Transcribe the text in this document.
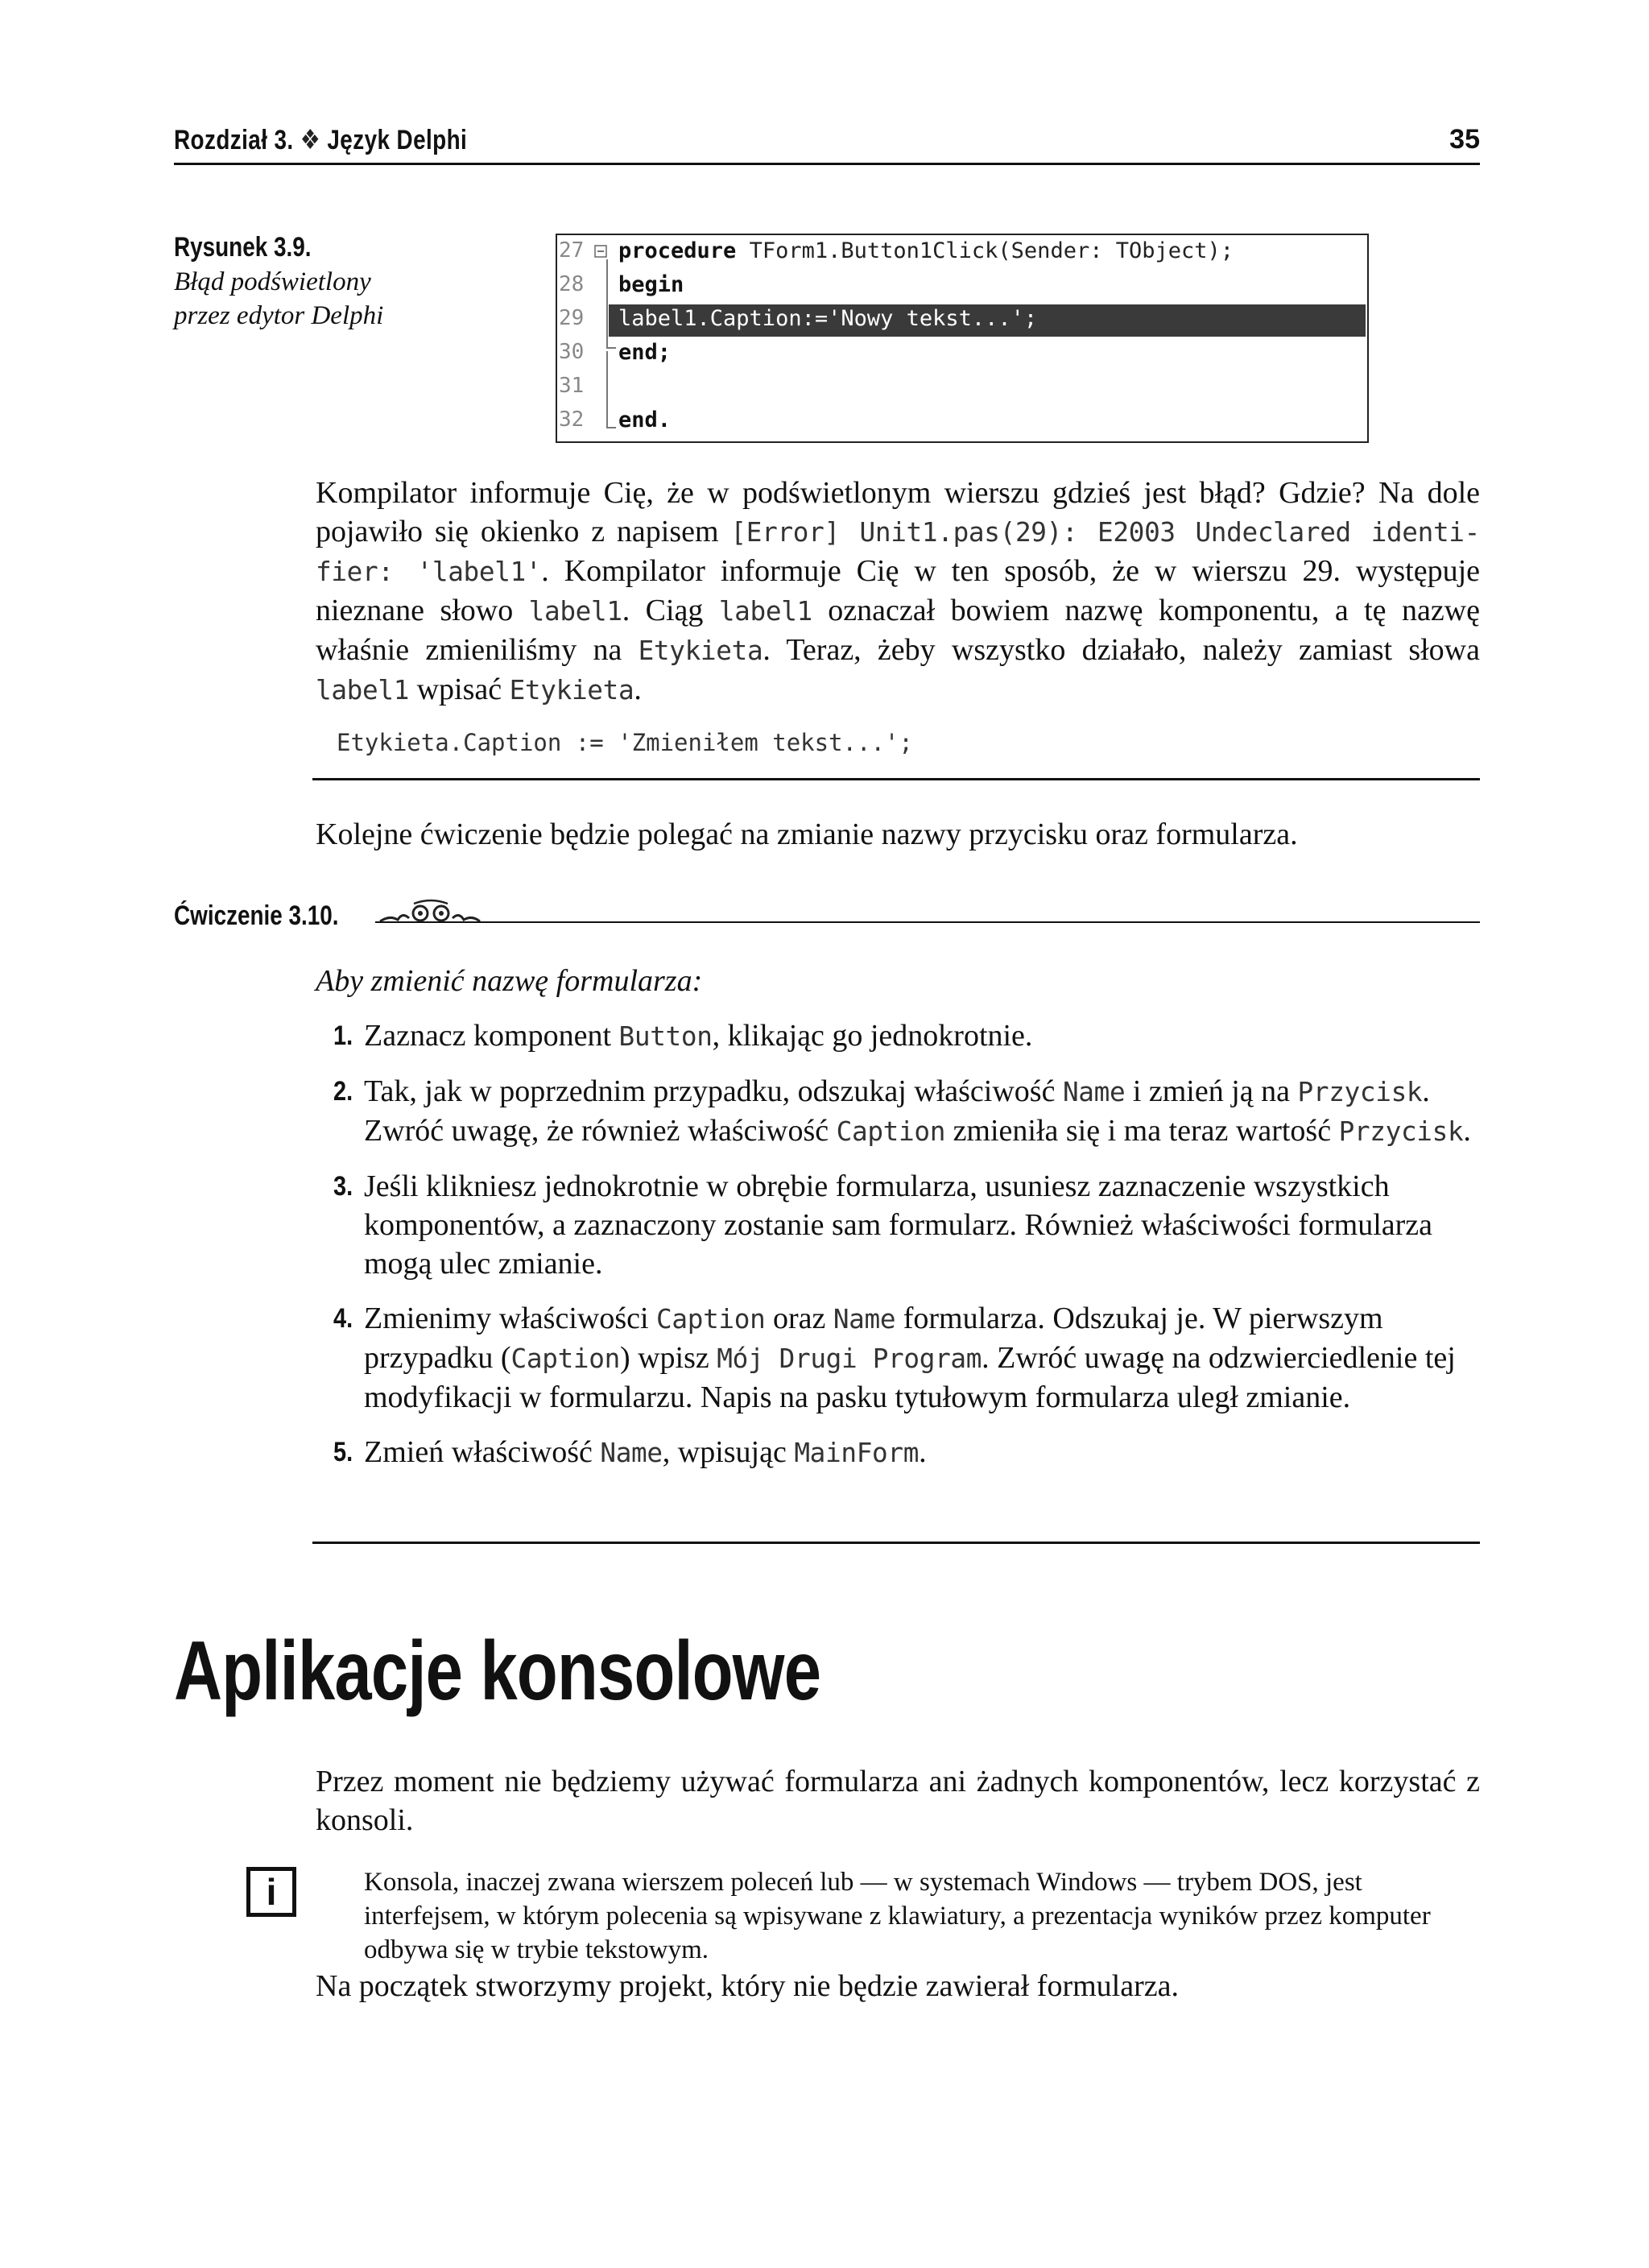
Rozdział 3. ❖ Język Delphi	35
Rysunek 3.9.
Błąd podświetlony
przez edytor Delphi
27
28
29
30
31
32
procedure TForm1.Button1Click(Sender: TObject);
begin
label1.Caption:='Nowy tekst...';
end;
end.
Kompilator informuje Cię, że w podświetlonym wierszu gdzieś jest błąd? Gdzie? Na dole pojawiło się okienko z napisem [Error] Unit1.pas(29): E2003 Undeclared identi-fier: 'label1'. Kompilator informuje Cię w ten sposób, że w wierszu 29. występuje nieznane słowo label1. Ciąg label1 oznaczał bowiem nazwę komponentu, a tę nazwę właśnie zmieniliśmy na Etykieta. Teraz, żeby wszystko działało, należy zamiast słowa label1 wpisać Etykieta.
Etykieta.Caption := 'Zmieniłem tekst...';
Kolejne ćwiczenie będzie polegać na zmianie nazwy przycisku oraz formularza.
Ćwiczenie 3.10.
Aby zmienić nazwę formularza:
1. Zaznacz komponent Button, klikając go jednokrotnie.
2. Tak, jak w poprzednim przypadku, odszukaj właściwość Name i zmień ją na Przycisk. Zwróć uwagę, że również właściwość Caption zmieniła się i ma teraz wartość Przycisk.
3. Jeśli klikniesz jednokrotnie w obrębie formularza, usuniesz zaznaczenie wszystkich komponentów, a zaznaczony zostanie sam formularz. Również właściwości formularza mogą ulec zmianie.
4. Zmienimy właściwości Caption oraz Name formularza. Odszukaj je. W pierwszym przypadku (Caption) wpisz Mój Drugi Program. Zwróć uwagę na odzwierciedlenie tej modyfikacji w formularzu. Napis na pasku tytułowym formularza uległ zmianie.
5. Zmień właściwość Name, wpisując MainForm.
Aplikacje konsolowe
Przez moment nie będziemy używać formularza ani żadnych komponentów, lecz korzystać z konsoli.
i	Konsola, inaczej zwana wierszem poleceń lub — w systemach Windows — trybem DOS, jest interfejsem, w którym polecenia są wpisywane z klawiatury, a prezentacja wyników przez komputer odbywa się w trybie tekstowym.
Na początek stworzymy projekt, który nie będzie zawierał formularza.
